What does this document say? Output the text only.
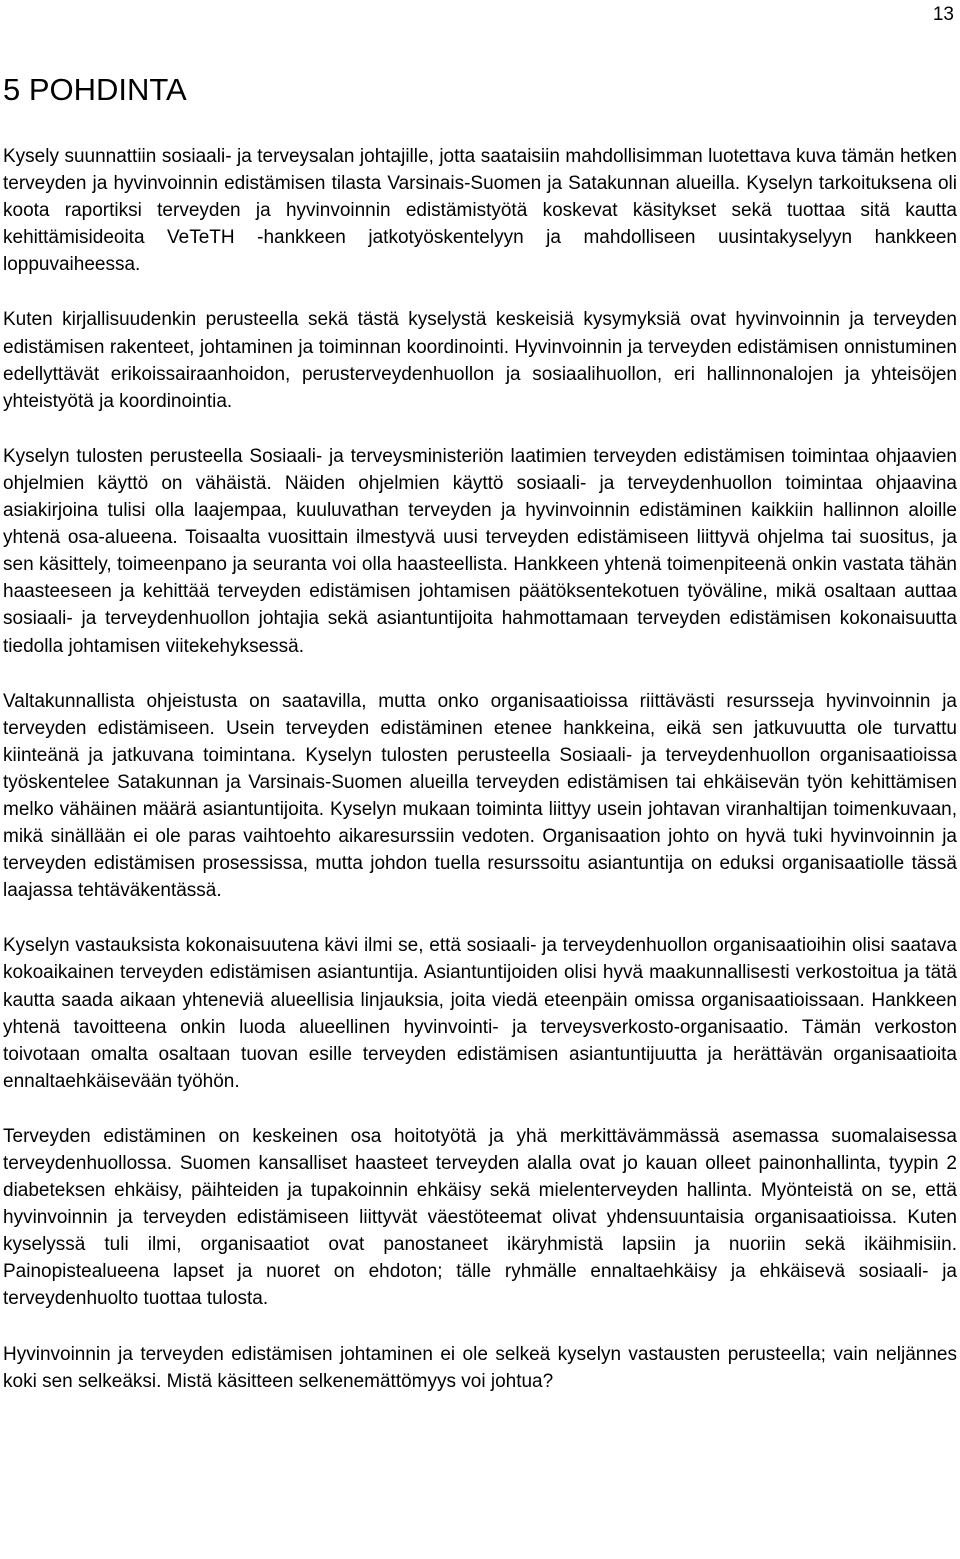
13
5 POHDINTA

Kysely suunnattiin sosiaali- ja terveysalan johtajille, jotta saataisiin mahdollisimman luotettava kuva tämän hetken terveyden ja hyvinvoinnin edistämisen tilasta Varsinais-Suomen ja Satakunnan alueilla. Kyselyn tarkoituksena oli koota raportiksi terveyden ja hyvinvoinnin edistämistyötä koskevat käsitykset sekä tuottaa sitä kautta kehittämisideoita VeTeTH -hankkeen jatkotyöskentelyyn ja mahdolliseen uusintakyselyyn hankkeen loppuvaiheessa.

Kuten kirjallisuudenkin perusteella sekä tästä kyselystä keskeisiä kysymyksiä ovat hyvinvoinnin ja terveyden edistämisen rakenteet, johtaminen ja toiminnan koordinointi. Hyvinvoinnin ja terveyden edistämisen onnistuminen edellyttävät erikoissairaanhoidon, perusterveydenhuollon ja sosiaalihuollon, eri hallinnonalojen ja yhteisöjen yhteistyötä ja koordinointia.

Kyselyn tulosten perusteella Sosiaali- ja terveysministeriön laatimien terveyden edistämisen toimintaa ohjaavien ohjelmien käyttö on vähäistä. Näiden ohjelmien käyttö sosiaali- ja terveydenhuollon toimintaa ohjaavina asiakirjoina tulisi olla laajempaa, kuuluvathan terveyden ja hyvinvoinnin edistäminen kaikkiin hallinnon aloille yhtenä osa-alueena. Toisaalta vuosittain ilmestyvä uusi terveyden edistämiseen liittyvä ohjelma tai suositus, ja sen käsittely, toimeenpano ja seuranta voi olla haasteellista. Hankkeen yhtenä toimenpiteenä onkin vastata tähän haasteeseen ja kehittää terveyden edistämisen johtamisen päätöksentekotuen työväline, mikä osaltaan auttaa sosiaali- ja terveydenhuollon johtajia sekä asiantuntijoita hahmottamaan terveyden edistämisen kokonaisuutta tiedolla johtamisen viitekehyksessä.

Valtakunnallista ohjeistusta on saatavilla, mutta onko organisaatioissa riittävästi resursseja hyvinvoinnin ja terveyden edistämiseen. Usein terveyden edistäminen etenee hankkeina, eikä sen jatkuvuutta ole turvattu kiinteänä ja jatkuvana toimintana. Kyselyn tulosten perusteella Sosiaali- ja terveydenhuollon organisaatioissa työskentelee Satakunnan ja Varsinais-Suomen alueilla terveyden edistämisen tai ehkäisevän työn kehittämisen melko vähäinen määrä asiantuntijoita. Kyselyn mukaan toiminta liittyy usein johtavan viranhaltijan toimenkuvaan, mikä sinällään ei ole paras vaihtoehto aikaresurssiin vedoten. Organisaation johto on hyvä tuki hyvinvoinnin ja terveyden edistämisen prosessissa, mutta johdon tuella resurssoitu asiantuntija on eduksi organisaatiolle tässä laajassa tehtäväkentässä.

Kyselyn vastauksista kokonaisuutena kävi ilmi se, että sosiaali- ja terveydenhuollon organisaatioihin olisi saatava kokoaikainen terveyden edistämisen asiantuntija. Asiantuntijoiden olisi hyvä maakunnallisesti verkostoitua ja tätä kautta saada aikaan yhteneviä alueellisia linjauksia, joita viedä eteenpäin omissa organisaatioissaan. Hankkeen yhtenä tavoitteena onkin luoda alueellinen hyvinvointi- ja terveysverkosto-organisaatio. Tämän verkoston toivotaan omalta osaltaan tuovan esille terveyden edistämisen asiantuntijuutta ja herättävän organisaatioita ennaltaehkäisevään työhön.

Terveyden edistäminen on keskeinen osa hoitotyötä ja yhä merkittävämmässä asemassa suomalaisessa terveydenhuollossa. Suomen kansalliset haasteet terveyden alalla ovat jo kauan olleet painonhallinta, tyypin 2 diabeteksen ehkäisy, päihteiden ja tupakoinnin ehkäisy sekä mielenterveyden hallinta. Myönteistä on se, että hyvinvoinnin ja terveyden edistämiseen liittyvät väestöteemat olivat yhdensuuntaisia organisaatioissa. Kuten kyselyssä tuli ilmi, organisaatiot ovat panostaneet ikäryhmistä lapsiin ja nuoriin sekä ikäihmisiin. Painopistealueena lapset ja nuoret on ehdoton; tälle ryhmälle ennaltaehkäisy ja ehkäisevä sosiaali- ja terveydenhuolto tuottaa tulosta.

Hyvinvoinnin ja terveyden edistämisen johtaminen ei ole selkeä kyselyn vastausten perusteella; vain neljännes koki sen selkeäksi. Mistä käsitteen selkenemättömyys voi johtua?
